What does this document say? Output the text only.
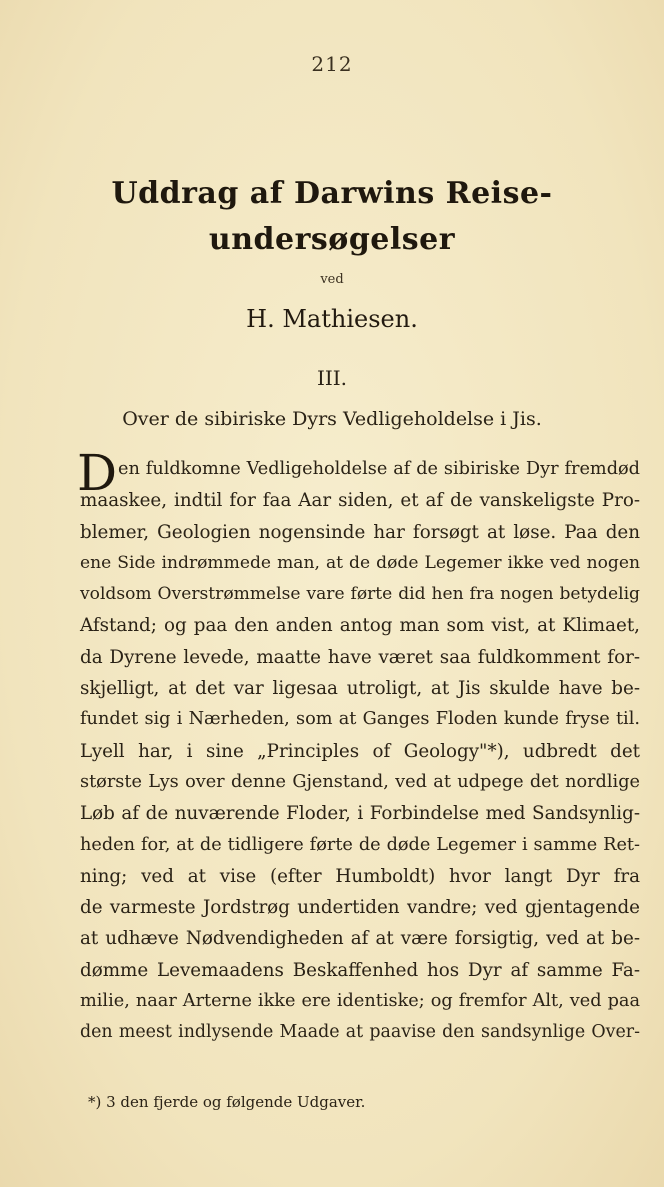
212
Uddrag af Darwins Reise-
undersøgelser
ved
H. Mathiesen.
III.
Over de sibiriske Dyrs Vedligeholdelse i Jis.
D en fuldkomne Vedligeholdelse af de sibiriske Dyr fremdød
maaskee, indtil for faa Aar siden, et af de vanskeligste Pro-
blemer, Geologien nogensinde har forsøgt at løse. Paa den
ene Side indrømmede man, at de døde Legemer ikke ved nogen
voldsom Overstrømmelse vare førte did hen fra nogen betydelig
Afstand; og paa den anden antog man som vist, at Klimaet,
da Dyrene levede, maatte have været saa fuldkomment for-
skjelligt, at det var ligesaa utroligt, at Jis skulde have be-
fundet sig i Nærheden, som at Ganges Floden kunde fryse til.
Lyell har, i sine „Principles of Geology"*), udbredt det
største Lys over denne Gjenstand, ved at udpege det nordlige
Løb af de nuværende Floder, i Forbindelse med Sandsynlig-
heden for, at de tidligere førte de døde Legemer i samme Ret-
ning; ved at vise (efter Humboldt) hvor langt Dyr fra
de varmeste Jordstrøg undertiden vandre; ved gjentagende
at udhæve Nødvendigheden af at være forsigtig, ved at be-
dømme Levemaadens Beskaffenhed hos Dyr af samme Fa-
milie, naar Arterne ikke ere identiske; og fremfor Alt, ved paa
den meest indlysende Maade at paavise den sandsynlige Over-
*) 3 den fjerde og følgende Udgaver.
